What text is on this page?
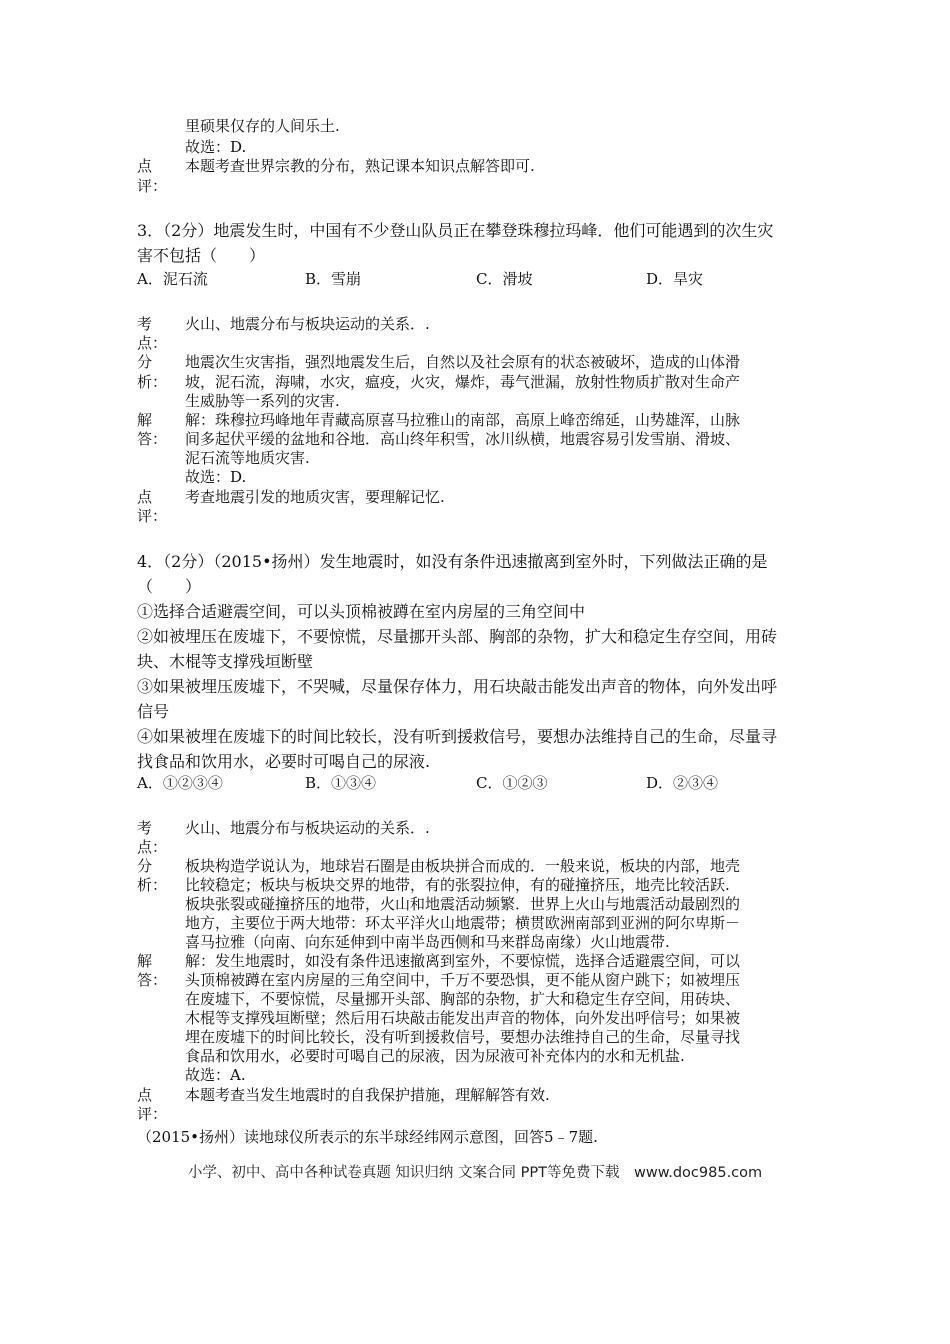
里硕果仅存的人间乐土.
故选：D.
点
评：
本题考查世界宗教的分布，熟记课本知识点解答即可.
3．（2分）地震发生时，中国有不少登山队员正在攀登珠穆拉玛峰．他们可能遇到的次生灾
害不包括（　　）
A．泥石流	B．雪崩	C．滑坡	D．旱灾
考
点：
火山、地震分布与板块运动的关系．.
分
析：
地震次生灾害指，强烈地震发生后，自然以及社会原有的状态被破坏，造成的山体滑
坡，泥石流，海啸，水灾，瘟疫，火灾，爆炸，毒气泄漏，放射性物质扩散对生命产
生威胁等一系列的灾害.
解
答：
解：珠穆拉玛峰地年青藏高原喜马拉雅山的南部，高原上峰峦绵延，山势雄浑，山脉
间多起伏平缓的盆地和谷地．高山终年积雪，冰川纵横，地震容易引发雪崩、滑坡、
泥石流等地质灾害.
故选：D.
点
评：
考查地震引发的地质灾害，要理解记忆.
4．（2分）（2015•扬州）发生地震时，如没有条件迅速撤离到室外时，下列做法正确的是
（　　）
①选择合适避震空间，可以头顶棉被蹲在室内房屋的三角空间中
②如被埋压在废墟下，不要惊慌，尽量挪开头部、胸部的杂物，扩大和稳定生存空间，用砖
块、木棍等支撑残垣断壁
③如果被埋压废墟下，不哭喊，尽量保存体力，用石块敲击能发出声音的物体，向外发出呼
信号
④如果被埋在废墟下的时间比较长，没有听到援救信号，要想办法维持自己的生命，尽量寻
找食品和饮用水，必要时可喝自己的尿液.
A．①②③④	B．①③④	C．①②③	D．②③④
考
点：
火山、地震分布与板块运动的关系．.
分
析：
板块构造学说认为，地球岩石圈是由板块拼合而成的．一般来说，板块的内部，地壳
比较稳定；板块与板块交界的地带，有的张裂拉伸，有的碰撞挤压，地壳比较活跃.
板块张裂或碰撞挤压的地带，火山和地震活动频繁．世界上火山与地震活动最剧烈的
地方，主要位于两大地带：环太平洋火山地震带；横贯欧洲南部到亚洲的阿尔卑斯－
喜马拉雅（向南、向东延伸到中南半岛西侧和马来群岛南缘）火山地震带.
解
答：
解：发生地震时，如没有条件迅速撤离到室外，不要惊慌，选择合适避震空间，可以
头顶棉被蹲在室内房屋的三角空间中，千万不要恐惧，更不能从窗户跳下；如被埋压
在废墟下，不要惊慌，尽量挪开头部、胸部的杂物，扩大和稳定生存空间，用砖块、
木棍等支撑残垣断壁；然后用石块敲击能发出声音的物体，向外发出呼信号；如果被
埋在废墟下的时间比较长，没有听到援救信号，要想办法维持自己的生命，尽量寻找
食品和饮用水，必要时可喝自己的尿液，因为尿液可补充体内的水和无机盐.
故选：A.
点
评：
本题考查当发生地震时的自我保护措施，理解解答有效.
（2015•扬州）读地球仪所表示的东半球经纬网示意图，回答5﹣7题.
小学、初中、高中各种试卷真题 知识归纳 文案合同 PPT等免费下载　www.doc985.com
